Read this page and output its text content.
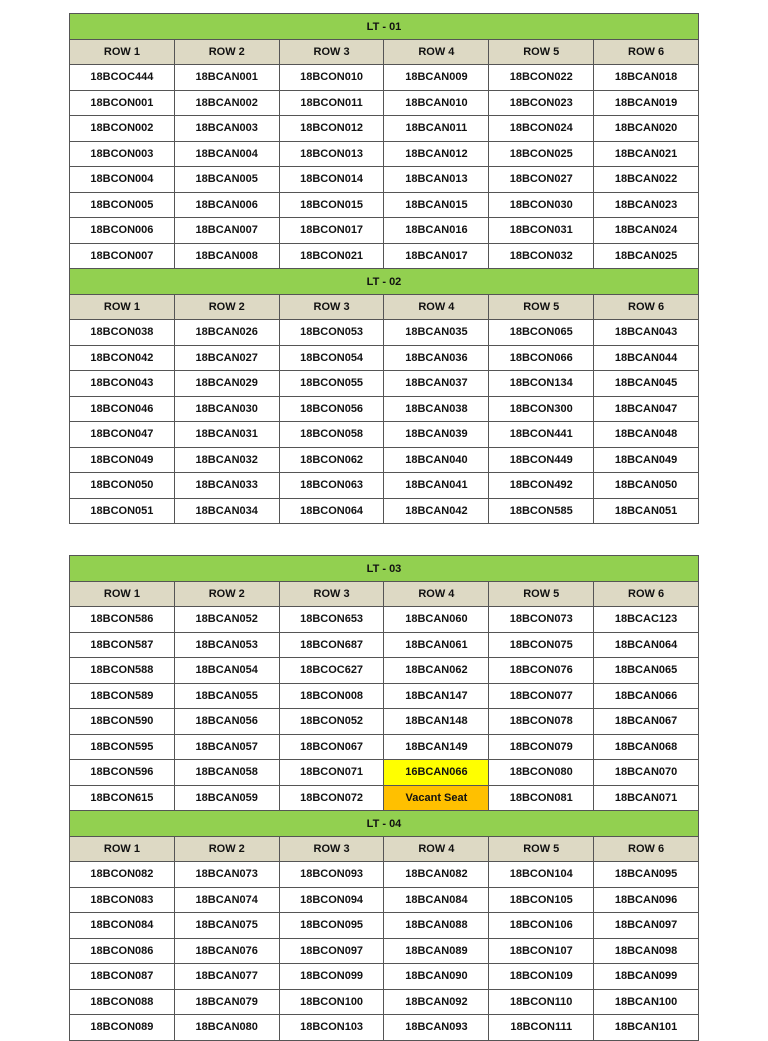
LT - 01					
ROW 1	ROW 2	ROW 3	ROW 4	ROW 5	ROW 6
18BCOC444	18BCAN001	18BCON010	18BCAN009	18BCON022	18BCAN018
18BCON001	18BCAN002	18BCON011	18BCAN010	18BCON023	18BCAN019
18BCON002	18BCAN003	18BCON012	18BCAN011	18BCON024	18BCAN020
18BCON003	18BCAN004	18BCON013	18BCAN012	18BCON025	18BCAN021
18BCON004	18BCAN005	18BCON014	18BCAN013	18BCON027	18BCAN022
18BCON005	18BCAN006	18BCON015	18BCAN015	18BCON030	18BCAN023
18BCON006	18BCAN007	18BCON017	18BCAN016	18BCON031	18BCAN024
18BCON007	18BCAN008	18BCON021	18BCAN017	18BCON032	18BCAN025
LT - 02					
ROW 1	ROW 2	ROW 3	ROW 4	ROW 5	ROW 6
18BCON038	18BCAN026	18BCON053	18BCAN035	18BCON065	18BCAN043
18BCON042	18BCAN027	18BCON054	18BCAN036	18BCON066	18BCAN044
18BCON043	18BCAN029	18BCON055	18BCAN037	18BCON134	18BCAN045
18BCON046	18BCAN030	18BCON056	18BCAN038	18BCON300	18BCAN047
18BCON047	18BCAN031	18BCON058	18BCAN039	18BCON441	18BCAN048
18BCON049	18BCAN032	18BCON062	18BCAN040	18BCON449	18BCAN049
18BCON050	18BCAN033	18BCON063	18BCAN041	18BCON492	18BCAN050
18BCON051	18BCAN034	18BCON064	18BCAN042	18BCON585	18BCAN051
LT - 03					
ROW 1	ROW 2	ROW 3	ROW 4	ROW 5	ROW 6
18BCON586	18BCAN052	18BCON653	18BCAN060	18BCON073	18BCAC123
18BCON587	18BCAN053	18BCON687	18BCAN061	18BCON075	18BCAN064
18BCON588	18BCAN054	18BCOC627	18BCAN062	18BCON076	18BCAN065
18BCON589	18BCAN055	18BCON008	18BCAN147	18BCON077	18BCAN066
18BCON590	18BCAN056	18BCON052	18BCAN148	18BCON078	18BCAN067
18BCON595	18BCAN057	18BCON067	18BCAN149	18BCON079	18BCAN068
18BCON596	18BCAN058	18BCON071	16BCAN066	18BCON080	18BCAN070
18BCON615	18BCAN059	18BCON072	Vacant Seat	18BCON081	18BCAN071
LT - 04					
ROW 1	ROW 2	ROW 3	ROW 4	ROW 5	ROW 6
18BCON082	18BCAN073	18BCON093	18BCAN082	18BCON104	18BCAN095
18BCON083	18BCAN074	18BCON094	18BCAN084	18BCON105	18BCAN096
18BCON084	18BCAN075	18BCON095	18BCAN088	18BCON106	18BCAN097
18BCON086	18BCAN076	18BCON097	18BCAN089	18BCON107	18BCAN098
18BCON087	18BCAN077	18BCON099	18BCAN090	18BCON109	18BCAN099
18BCON088	18BCAN079	18BCON100	18BCAN092	18BCON110	18BCAN100
18BCON089	18BCAN080	18BCON103	18BCAN093	18BCON111	18BCAN101
